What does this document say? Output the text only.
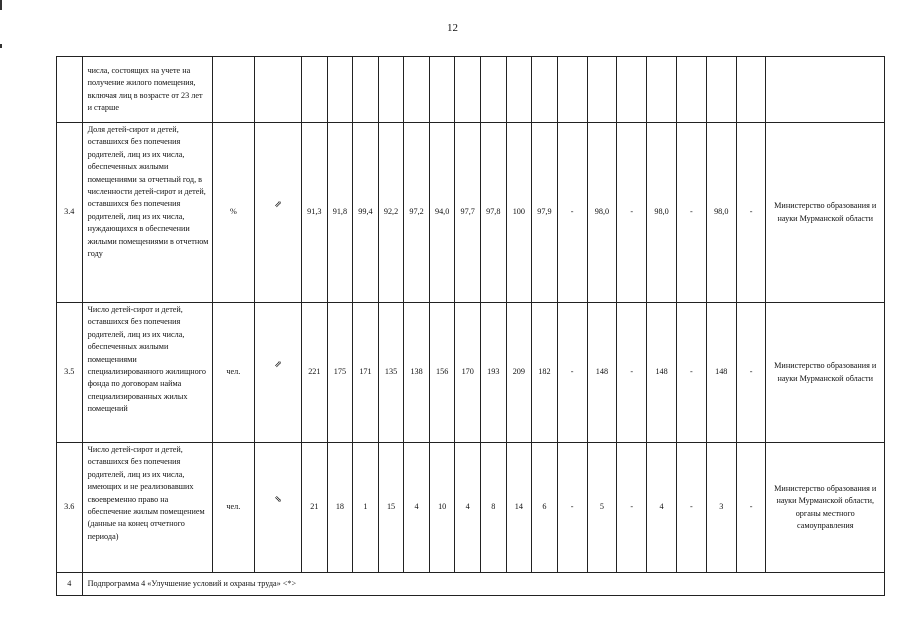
12
	числа, состоящих на учете на получение жилого помещения, включая лиц в возрасте от 23 лет и старше																				
3.4	Доля детей-сирот и детей, оставшихся без попечения родителей, лиц из их числа, обеспеченных жилыми помещениями за отчетный год, в численности детей-сирот и детей, оставшихся без попечения родителей, лиц из их числа, нуждающихся в обеспечении жилыми помещениями в отчетном году	%	⇗	91,3	91,8	99,4	92,2	97,2	94,0	97,7	97,8	100	97,9	-	98,0	-	98,0	-	98,0	-	Министерство образования и науки Мурманской области
3.5	Число детей-сирот и детей, оставшихся без попечения родителей, лиц из их числа, обеспеченных жилыми помещениями специализированного жилищного фонда по договорам найма специализированных жилых помещений	чел.	⇗	221	175	171	135	138	156	170	193	209	182	-	148	-	148	-	148	-	Министерство образования и науки Мурманской области
3.6	Число детей-сирот и детей, оставшихся без попечения родителей, лиц из их числа, имеющих и не реализовавших своевременно право на обеспечение жилым помещением (данные на конец отчетного периода)	чел.	⇘	21	18	1	15	4	10	4	8	14	6	-	5	-	4	-	3	-	Министерство образования и науки Мурманской области, органы местного самоуправления
4	Подпрограмма 4 «Улучшение условий и охраны труда» <*>																				
